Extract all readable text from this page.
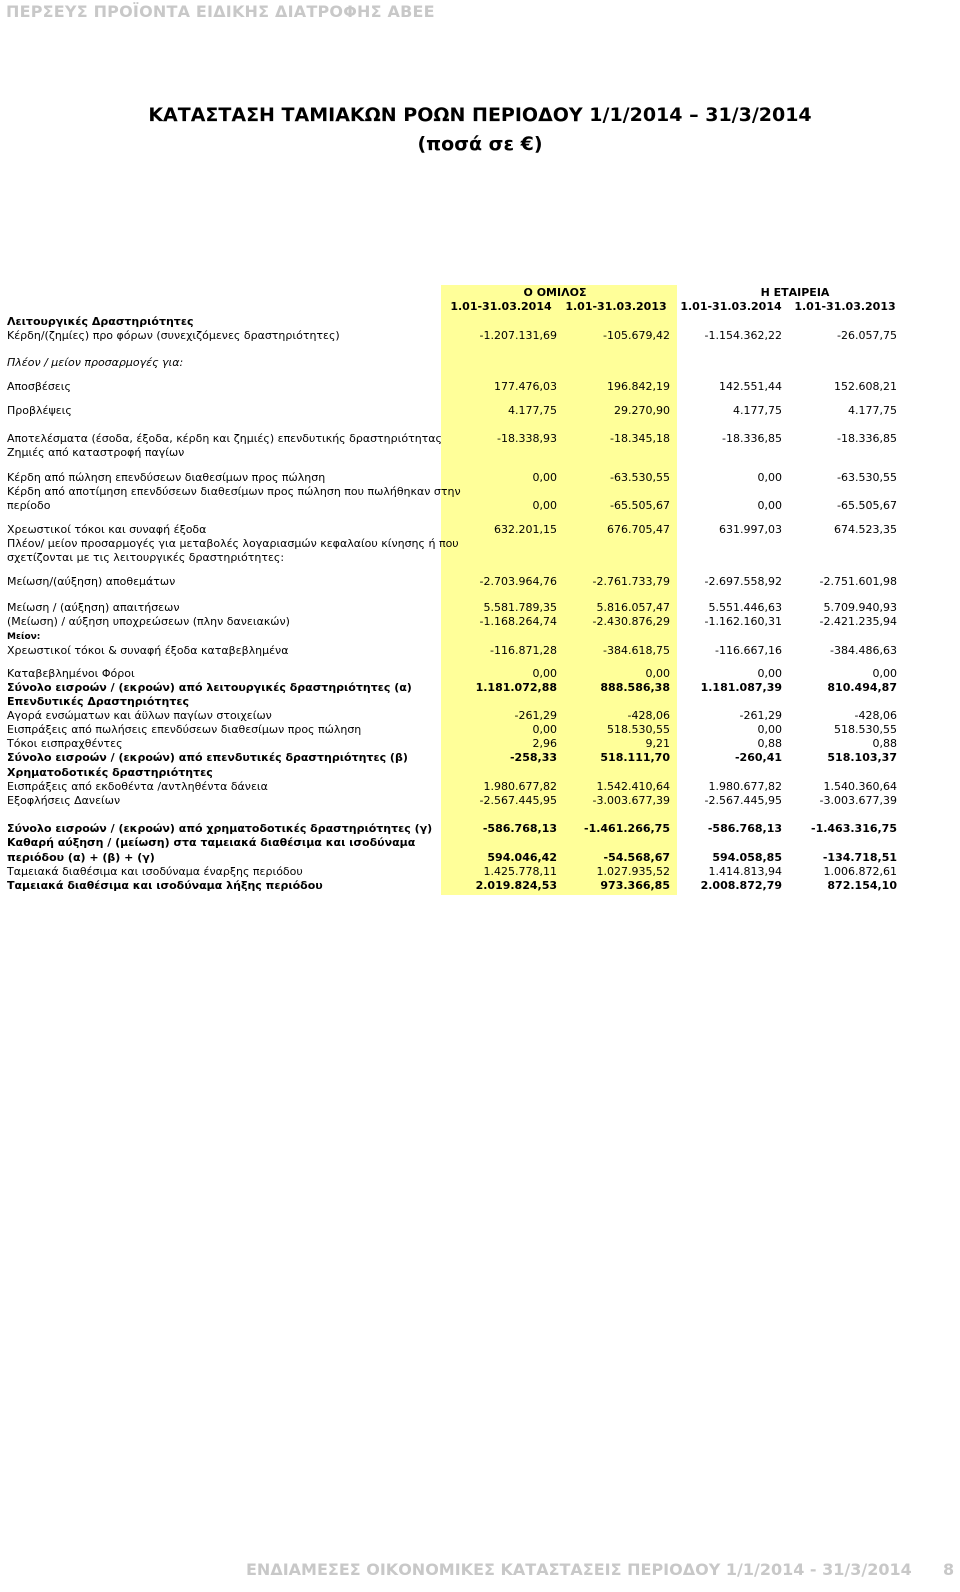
ΠΕΡΣΕΥΣ ΠΡΟΪΟΝΤΑ ΕΙΔΙΚΗΣ ΔΙΑΤΡΟΦΗΣ ΑΒΕΕ
ΚΑΤΑΣΤΑΣΗ ΤΑΜΙΑΚΩΝ ΡΟΩΝ ΠΕΡΙΟΔΟΥ 1/1/2014 – 31/3/2014
(ποσά σε €)
Ο ΟΜΙΛΟΣ	Η ΕΤΑΙΡΕΙΑ
1.01-31.03.2014	1.01-31.03.2013	1.01-31.03.2014	1.01-31.03.2013
Λειτουργικές Δραστηριότητες
Κέρδη/(ζημίες) προ φόρων (συνεχιζόμενες δραστηριότητες)	-1.207.131,69	-105.679,42	-1.154.362,22	-26.057,75
Πλέον / μείον προσαρμογές για:
Αποσβέσεις	177.476,03	196.842,19	142.551,44	152.608,21
Προβλέψεις	4.177,75	29.270,90	4.177,75	4.177,75
Αποτελέσματα (έσοδα, έξοδα, κέρδη και ζημιές) επενδυτικής δραστηριότητας	-18.338,93	-18.345,18	-18.336,85	-18.336,85
Ζημιές από καταστροφή παγίων
Κέρδη από πώληση επενδύσεων διαθεσίμων προς πώληση	0,00	-63.530,55	0,00	-63.530,55
Κέρδη από αποτίμηση επενδύσεων διαθεσίμων προς πώληση που πωλήθηκαν στην
περίοδο	0,00	-65.505,67	0,00	-65.505,67
Χρεωστικοί τόκοι και συναφή έξοδα	632.201,15	676.705,47	631.997,03	674.523,35
Πλέον/ μείον προσαρμογές για μεταβολές λογαριασμών κεφαλαίου κίνησης ή που
σχετίζονται με τις λειτουργικές δραστηριότητες:
Μείωση/(αύξηση) αποθεμάτων	-2.703.964,76	-2.761.733,79	-2.697.558,92	-2.751.601,98
Μείωση / (αύξηση) απαιτήσεων	5.581.789,35	5.816.057,47	5.551.446,63	5.709.940,93
(Μείωση) / αύξηση υποχρεώσεων (πλην δανειακών)	-1.168.264,74	-2.430.876,29	-1.162.160,31	-2.421.235,94
Μείον:
Χρεωστικοί τόκοι & συναφή έξοδα καταβεβλημένα	-116.871,28	-384.618,75	-116.667,16	-384.486,63
Καταβεβλημένοι Φόροι	0,00	0,00	0,00	0,00
Σύνολο εισροών / (εκροών) από λειτουργικές δραστηριότητες (α)	1.181.072,88	888.586,38	1.181.087,39	810.494,87
Επενδυτικές Δραστηριότητες
Αγορά ενσώματων και άϋλων παγίων στοιχείων	-261,29	-428,06	-261,29	-428,06
Εισπράξεις από πωλήσεις επενδύσεων διαθεσίμων προς πώληση	0,00	518.530,55	0,00	518.530,55
Τόκοι εισπραχθέντες	2,96	9,21	0,88	0,88
Σύνολο εισροών / (εκροών) από επενδυτικές δραστηριότητες (β)	-258,33	518.111,70	-260,41	518.103,37
Χρηματοδοτικές δραστηριότητες
Εισπράξεις από εκδοθέντα /αντληθέντα δάνεια	1.980.677,82	1.542.410,64	1.980.677,82	1.540.360,64
Εξοφλήσεις Δανείων	-2.567.445,95	-3.003.677,39	-2.567.445,95	-3.003.677,39
Σύνολο εισροών / (εκροών) από χρηματοδοτικές δραστηριότητες (γ)	-586.768,13	-1.461.266,75	-586.768,13	-1.463.316,75
Καθαρή αύξηση / (μείωση) στα ταμειακά διαθέσιμα και ισοδύναμα
περιόδου (α) + (β) + (γ)	594.046,42	-54.568,67	594.058,85	-134.718,51
Ταμειακά διαθέσιμα και ισοδύναμα έναρξης περιόδου	1.425.778,11	1.027.935,52	1.414.813,94	1.006.872,61
Ταμειακά διαθέσιμα και ισοδύναμα λήξης περιόδου	2.019.824,53	973.366,85	2.008.872,79	872.154,10
ΕΝΔΙΑΜΕΣΕΣ ΟΙΚΟΝΟΜΙΚΕΣ ΚΑΤΑΣΤΑΣΕΙΣ ΠΕΡΙΟΔΟΥ 1/1/2014 - 31/3/2014 8
